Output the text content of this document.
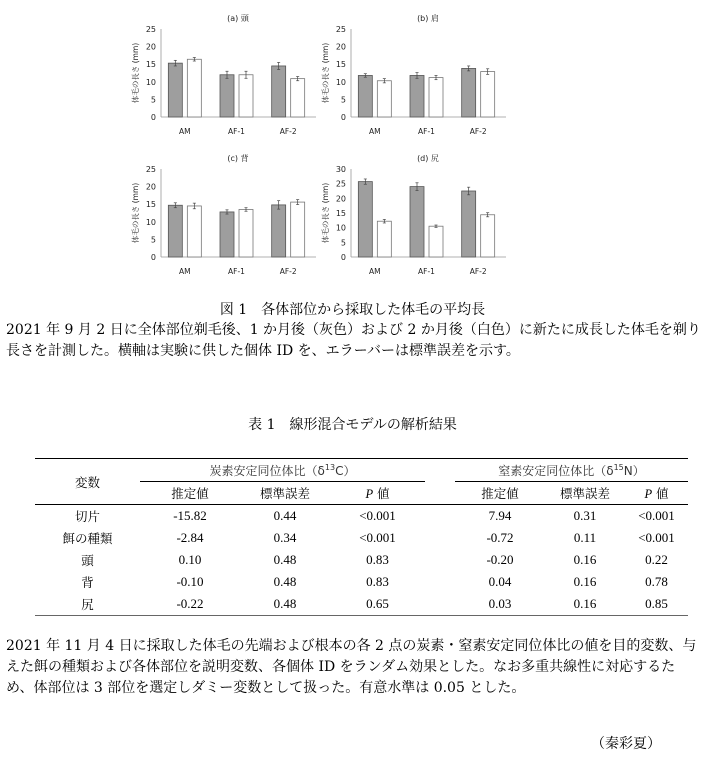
(a) 頭
体毛の長さ (mm)
0
5
10
15
20
25
AM	AF-1	AF-2
(b) 肩
体毛の長さ (mm)
0
5
10
15
20
25
AM	AF-1	AF-2
(c) 背
体毛の長さ (mm)
0
5
10
15
20
25
AM	AF-1	AF-2
(d) 尻
体毛の長さ (mm)
0
5
10
15
20
25
30
AM	AF-1	AF-2
図 1　各体部位から採取した体毛の平均長
2021 年 9 月 2 日に全体部位剃毛後、1 か月後（灰色）および 2 か月後（白色）に新たに成長した体毛を剃り長さを計測した。横軸は実験に供した個体 ID を、エラーバーは標準誤差を示す。
表 1　線形混合モデルの解析結果
変数	炭素安定同位体比$(\delta^{13}C)$				窒素安定同位体比$(\delta^{15}N)$		
	推定値	標準誤差	P 値		推定値	標準誤差	P 値
切片	-15.82	0.44	<0.001		7.94	0.31	<0.001
餌の種類	-2.84	0.34	<0.001		-0.72	0.11	<0.001
頭	0.10	0.48	0.83		-0.20	0.16	0.22
背	-0.10	0.48	0.83		0.04	0.16	0.78
尻	-0.22	0.48	0.65		0.03	0.16	0.85
2021 年 11 月 4 日に採取した体毛の先端および根本の各 2 点の炭素・窒素安定同位体比の値を目的変数、与えた餌の種類および各体部位を説明変数、各個体 ID をランダム効果とした。なお多重共線性に対応するため、体部位は 3 部位を選定しダミー変数として扱った。有意水準は 0.05 とした。
（秦彩夏）
